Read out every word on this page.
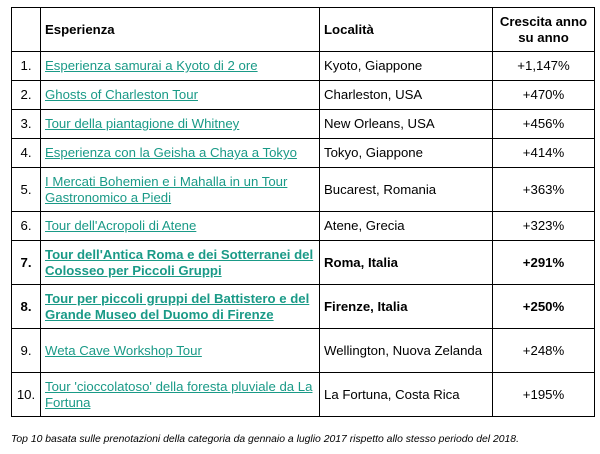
	Esperienza	Località	Crescita anno su anno
1.	Esperienza samurai a Kyoto di 2 ore	Kyoto, Giappone	+1,147%
2.	Ghosts of Charleston Tour	Charleston, USA	+470%
3.	Tour della piantagione di Whitney	New Orleans, USA	+456%
4.	Esperienza con la Geisha a Chaya a Tokyo	Tokyo, Giappone	+414%
5.	I Mercati Bohemien e i Mahalla in un Tour Gastronomico a Piedi	Bucarest, Romania	+363%
6.	Tour dell'Acropoli di Atene	Atene, Grecia	+323%
7.	Tour dell'Antica Roma e dei Sotterranei del Colosseo per Piccoli Gruppi	Roma, Italia	+291%
8.	Tour per piccoli gruppi del Battistero e del Grande Museo del Duomo di Firenze	Firenze, Italia	+250%
9.	Weta Cave Workshop Tour	Wellington, Nuova Zelanda	+248%
10.	Tour 'cioccolatoso' della foresta pluviale da La Fortuna	La Fortuna, Costa Rica	+195%
Top 10 basata sulle prenotazioni della categoria da gennaio a luglio 2017 rispetto allo stesso periodo del 2018.
